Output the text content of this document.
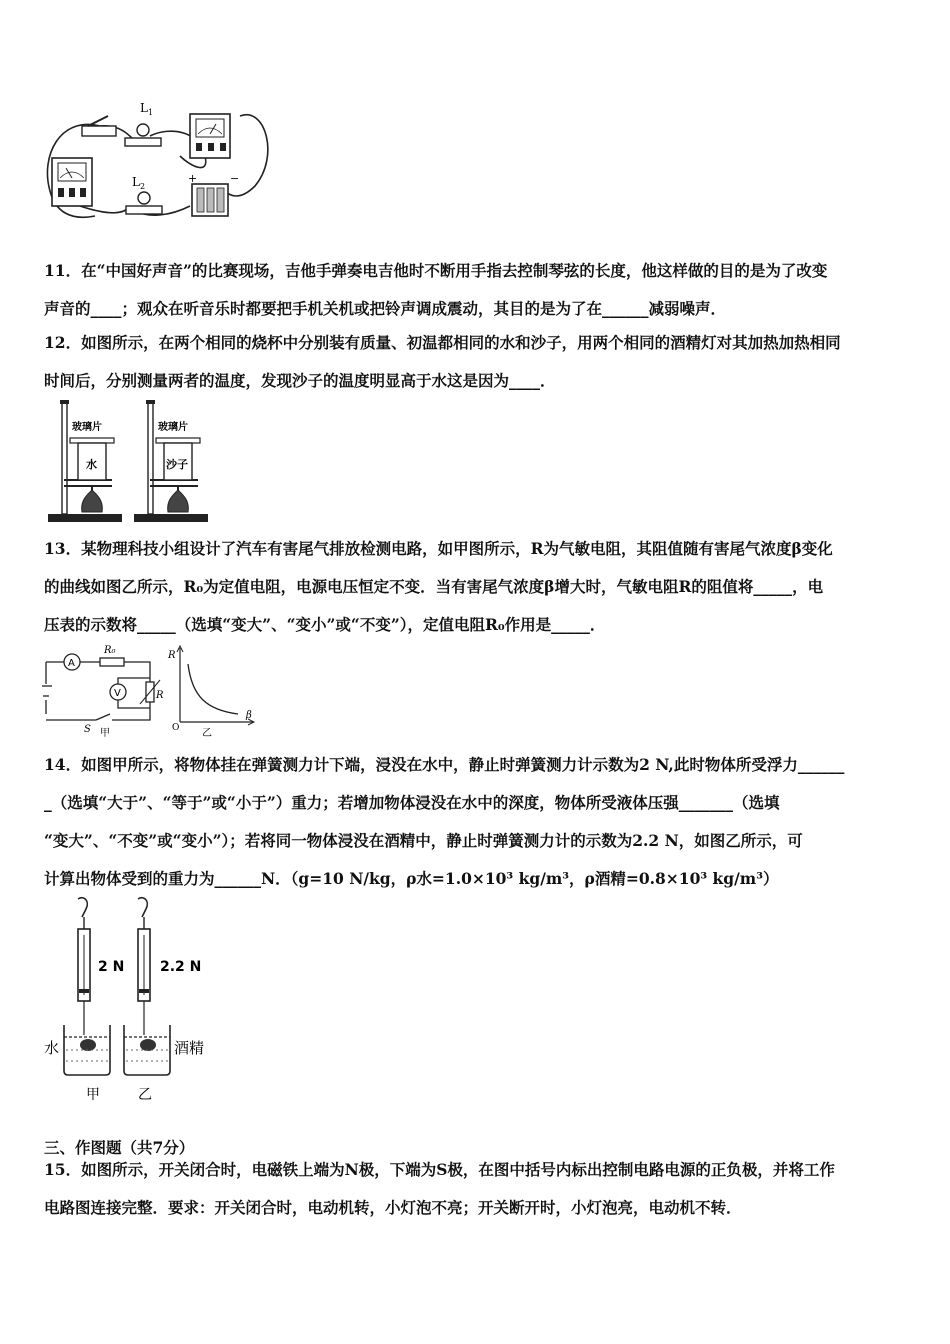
$L_1$
$L_2$
+	−
11．在“中国好声音”的比赛现场，吉他手弹奏电吉他时不断用手指去控制琴弦的长度，他这样做的目的是为了改变
声音的____；观众在听音乐时都要把手机关机或把铃声调成震动，其目的是为了在______减弱噪声．
12．如图所示，在两个相同的烧杯中分别装有质量、初温都相同的水和沙子，用两个相同的酒精灯对其加热加热相同
时间后，分别测量两者的温度，发现沙子的温度明显高于水这是因为____．
玻璃片
水
玻璃片
沙子
13．某物理科技小组设计了汽车有害尾气排放检测电路，如甲图所示，R为气敏电阻，其阻值随有害尾气浓度β变化
的曲线如图乙所示，R₀为定值电阻，电源电压恒定不变．当有害尾气浓度β增大时，气敏电阻R的阻值将_____，电
压表的示数将_____（选填“变大”、“变小”或“不变”），定值电阻R₀作用是_____．
A
R₀
V	R
S 甲
R
β
O 乙
14．如图甲所示，将物体挂在弹簧测力计下端，浸没在水中，静止时弹簧测力计示数为2 N,此时物体所受浮力______
_（选填“大于”、“等于”或“小于”）重力；若增加物体浸没在水中的深度，物体所受液体压强_______（选填
“变大”、“不变”或“变小”）；若将同一物体浸没在酒精中，静止时弹簧测力计的示数为2.2 N，如图乙所示，可
计算出物体受到的重力为______N．（g=10 N/kg，ρ水=1.0×10³ kg/m³，ρ酒精=0.8×10³ kg/m³）
2 N
水
甲
2.2 N
酒精
乙
三、作图题（共7分）
15．如图所示，开关闭合时，电磁铁上端为N极，下端为S极，在图中括号内标出控制电路电源的正负极，并将工作
电路图连接完整．要求：开关闭合时，电动机转，小灯泡不亮；开关断开时，小灯泡亮，电动机不转．
